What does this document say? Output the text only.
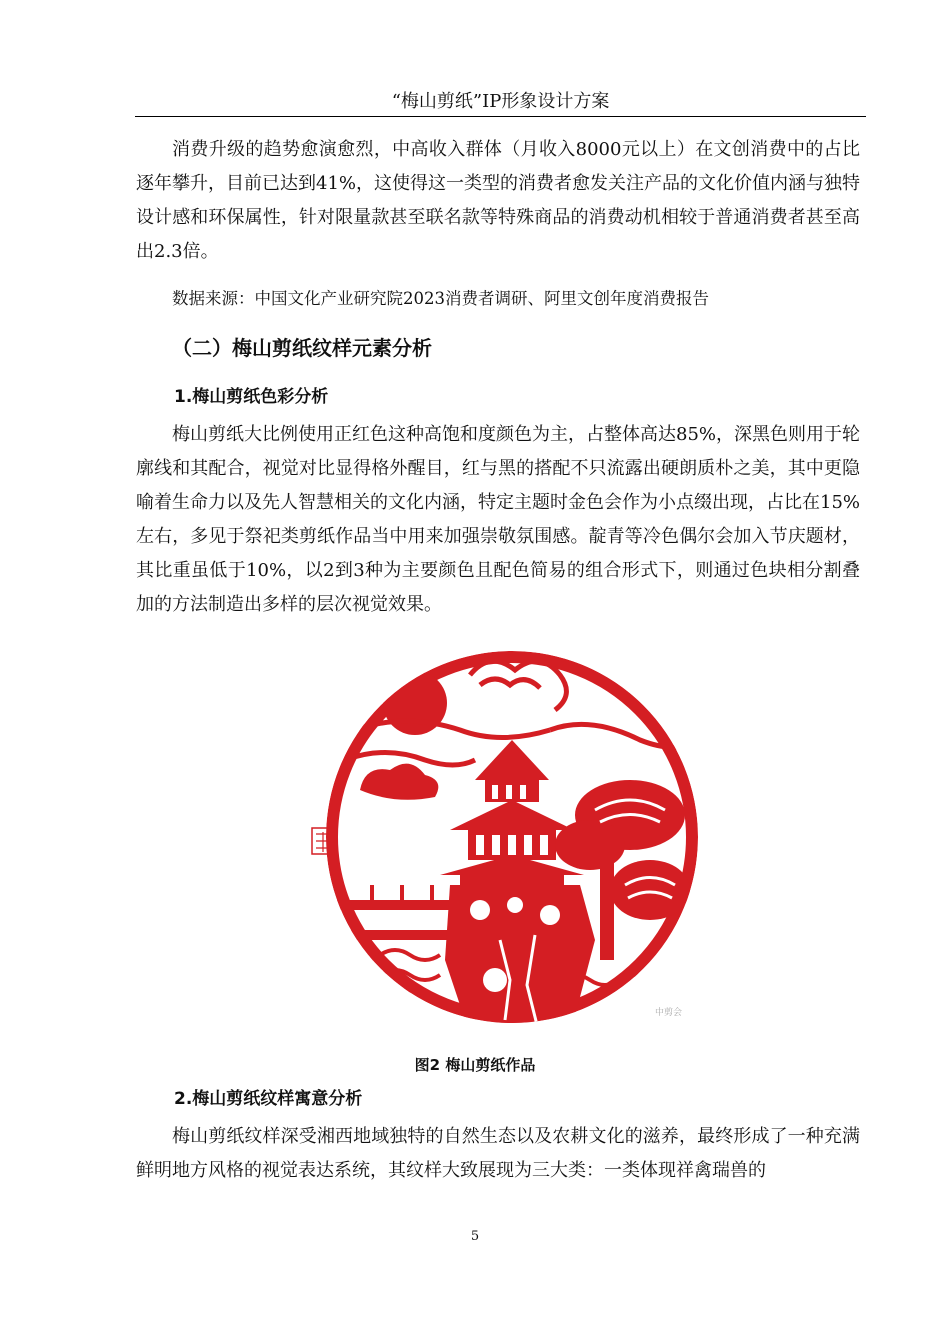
“梅山剪纸”IP形象设计方案

消费升级的趋势愈演愈烈，中高收入群体（月收入8000元以上）在文创消费中的占比逐年攀升，目前已达到41%，这使得这一类型的消费者愈发关注产品的文化价值内涵与独特设计感和环保属性，针对限量款甚至联名款等特殊商品的消费动机相较于普通消费者甚至高出2.3倍。

数据来源：中国文化产业研究院2023消费者调研、阿里文创年度消费报告

（二）梅山剪纸纹样元素分析
1.梅山剪纸色彩分析

梅山剪纸大比例使用正红色这种高饱和度颜色为主，占整体高达85%，深黑色则用于轮廓线和其配合，视觉对比显得格外醒目，红与黑的搭配不只流露出硬朗质朴之美，其中更隐喻着生命力以及先人智慧相关的文化内涵，特定主题时金色会作为小点缀出现，占比在15%左右，多见于祭祀类剪纸作品当中用来加强崇敬氛围感。靛青等冷色偶尔会加入节庆题材，其比重虽低于10%，以2到3种为主要颜色且配色简易的组合形式下，则通过色块相分割叠加的方法制造出多样的层次视觉效果。

中剪会
图2 梅山剪纸作品
2.梅山剪纸纹样寓意分析

梅山剪纸纹样深受湘西地域独特的自然生态以及农耕文化的滋养，最终形成了一种充满鲜明地方风格的视觉表达系统，其纹样大致展现为三大类：一类体现祥禽瑞兽的

5
